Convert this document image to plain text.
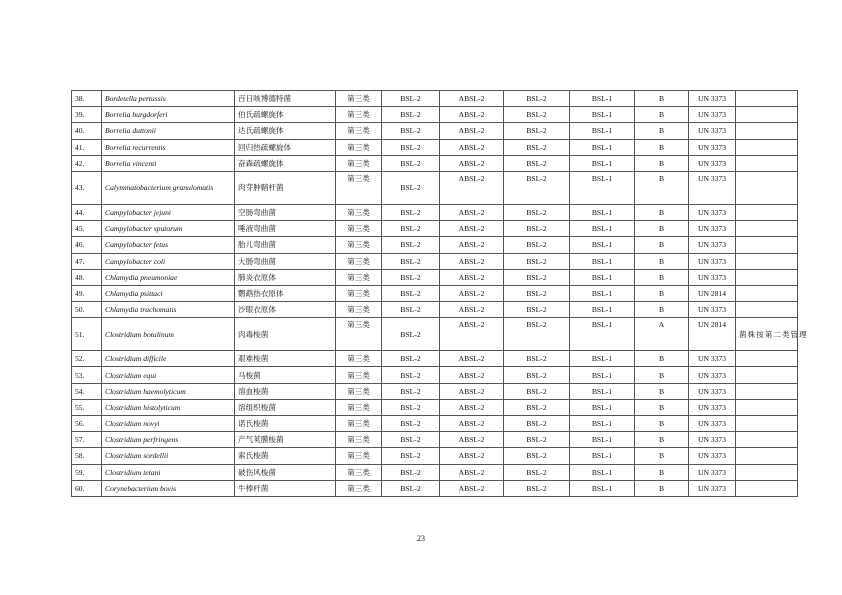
38.	Bordetella pertussis	百日咳博德特菌	第三类	BSL-2	ABSL-2	BSL-2	BSL-1	B	UN 3373	
39.	Borrelia burgdorferi	伯氏疏螺旋体	第三类	BSL-2	ABSL-2	BSL-2	BSL-1	B	UN 3373	
40.	Borrelia duttonii	达氏疏螺旋体	第三类	BSL-2	ABSL-2	BSL-2	BSL-1	B	UN 3373	
41.	Borrelia recurrentis	回归热疏螺旋体	第三类	BSL-2	ABSL-2	BSL-2	BSL-1	B	UN 3373	
42.	Borrelia vincenti	奋森疏螺旋体	第三类	BSL-2	ABSL-2	BSL-2	BSL-1	B	UN 3373	
43.	Calymmatobacterium granulomatis	肉芽肿鞘杆菌	第三类	BSL-2	ABSL-2	BSL-2	BSL-1	B	UN 3373	
44.	Campylobacter jejuni	空肠弯曲菌	第三类	BSL-2	ABSL-2	BSL-2	BSL-1	B	UN 3373	
45.	Campylobacter sputorum	唾液弯曲菌	第三类	BSL-2	ABSL-2	BSL-2	BSL-1	B	UN 3373	
46.	Campylobacter fetus	胎儿弯曲菌	第三类	BSL-2	ABSL-2	BSL-2	BSL-1	B	UN 3373	
47.	Campylobacter coli	大肠弯曲菌	第三类	BSL-2	ABSL-2	BSL-2	BSL-1	B	UN 3373	
48.	Chlamydia pneumoniae	肺炎衣原体	第三类	BSL-2	ABSL-2	BSL-2	BSL-1	B	UN 3373	
49.	Chlamydia psittaci	鹦鹉热衣原体	第三类	BSL-2	ABSL-2	BSL-2	BSL-1	B	UN 2814	
50.	Chlamydia trachomatis	沙眼衣原体	第三类	BSL-2	ABSL-2	BSL-2	BSL-1	B	UN 3373	
51.	Clostridium botulinum	肉毒梭菌	第三类	BSL-2	ABSL-2	BSL-2	BSL-1	A	UN 2814	菌株按第二类管理
52.	Clostridium difficile	艰难梭菌	第三类	BSL-2	ABSL-2	BSL-2	BSL-1	B	UN 3373	
53.	Clostridium equi	马梭菌	第三类	BSL-2	ABSL-2	BSL-2	BSL-1	B	UN 3373	
54.	Clostridium haemolyticum	溶血梭菌	第三类	BSL-2	ABSL-2	BSL-2	BSL-1	B	UN 3373	
55.	Clostridium histolyticum	溶组织梭菌	第三类	BSL-2	ABSL-2	BSL-2	BSL-1	B	UN 3373	
56.	Clostridium novyi	诺氏梭菌	第三类	BSL-2	ABSL-2	BSL-2	BSL-1	B	UN 3373	
57.	Clostridium perfringens	产气荚膜梭菌	第三类	BSL-2	ABSL-2	BSL-2	BSL-1	B	UN 3373	
58.	Clostridium sordellii	索氏梭菌	第三类	BSL-2	ABSL-2	BSL-2	BSL-1	B	UN 3373	
59.	Clostridium tetani	破伤风梭菌	第三类	BSL-2	ABSL-2	BSL-2	BSL-1	B	UN 3373	
60.	Corynebacterium bovis	牛棒杆菌	第三类	BSL-2	ABSL-2	BSL-2	BSL-1	B	UN 3373	
23
